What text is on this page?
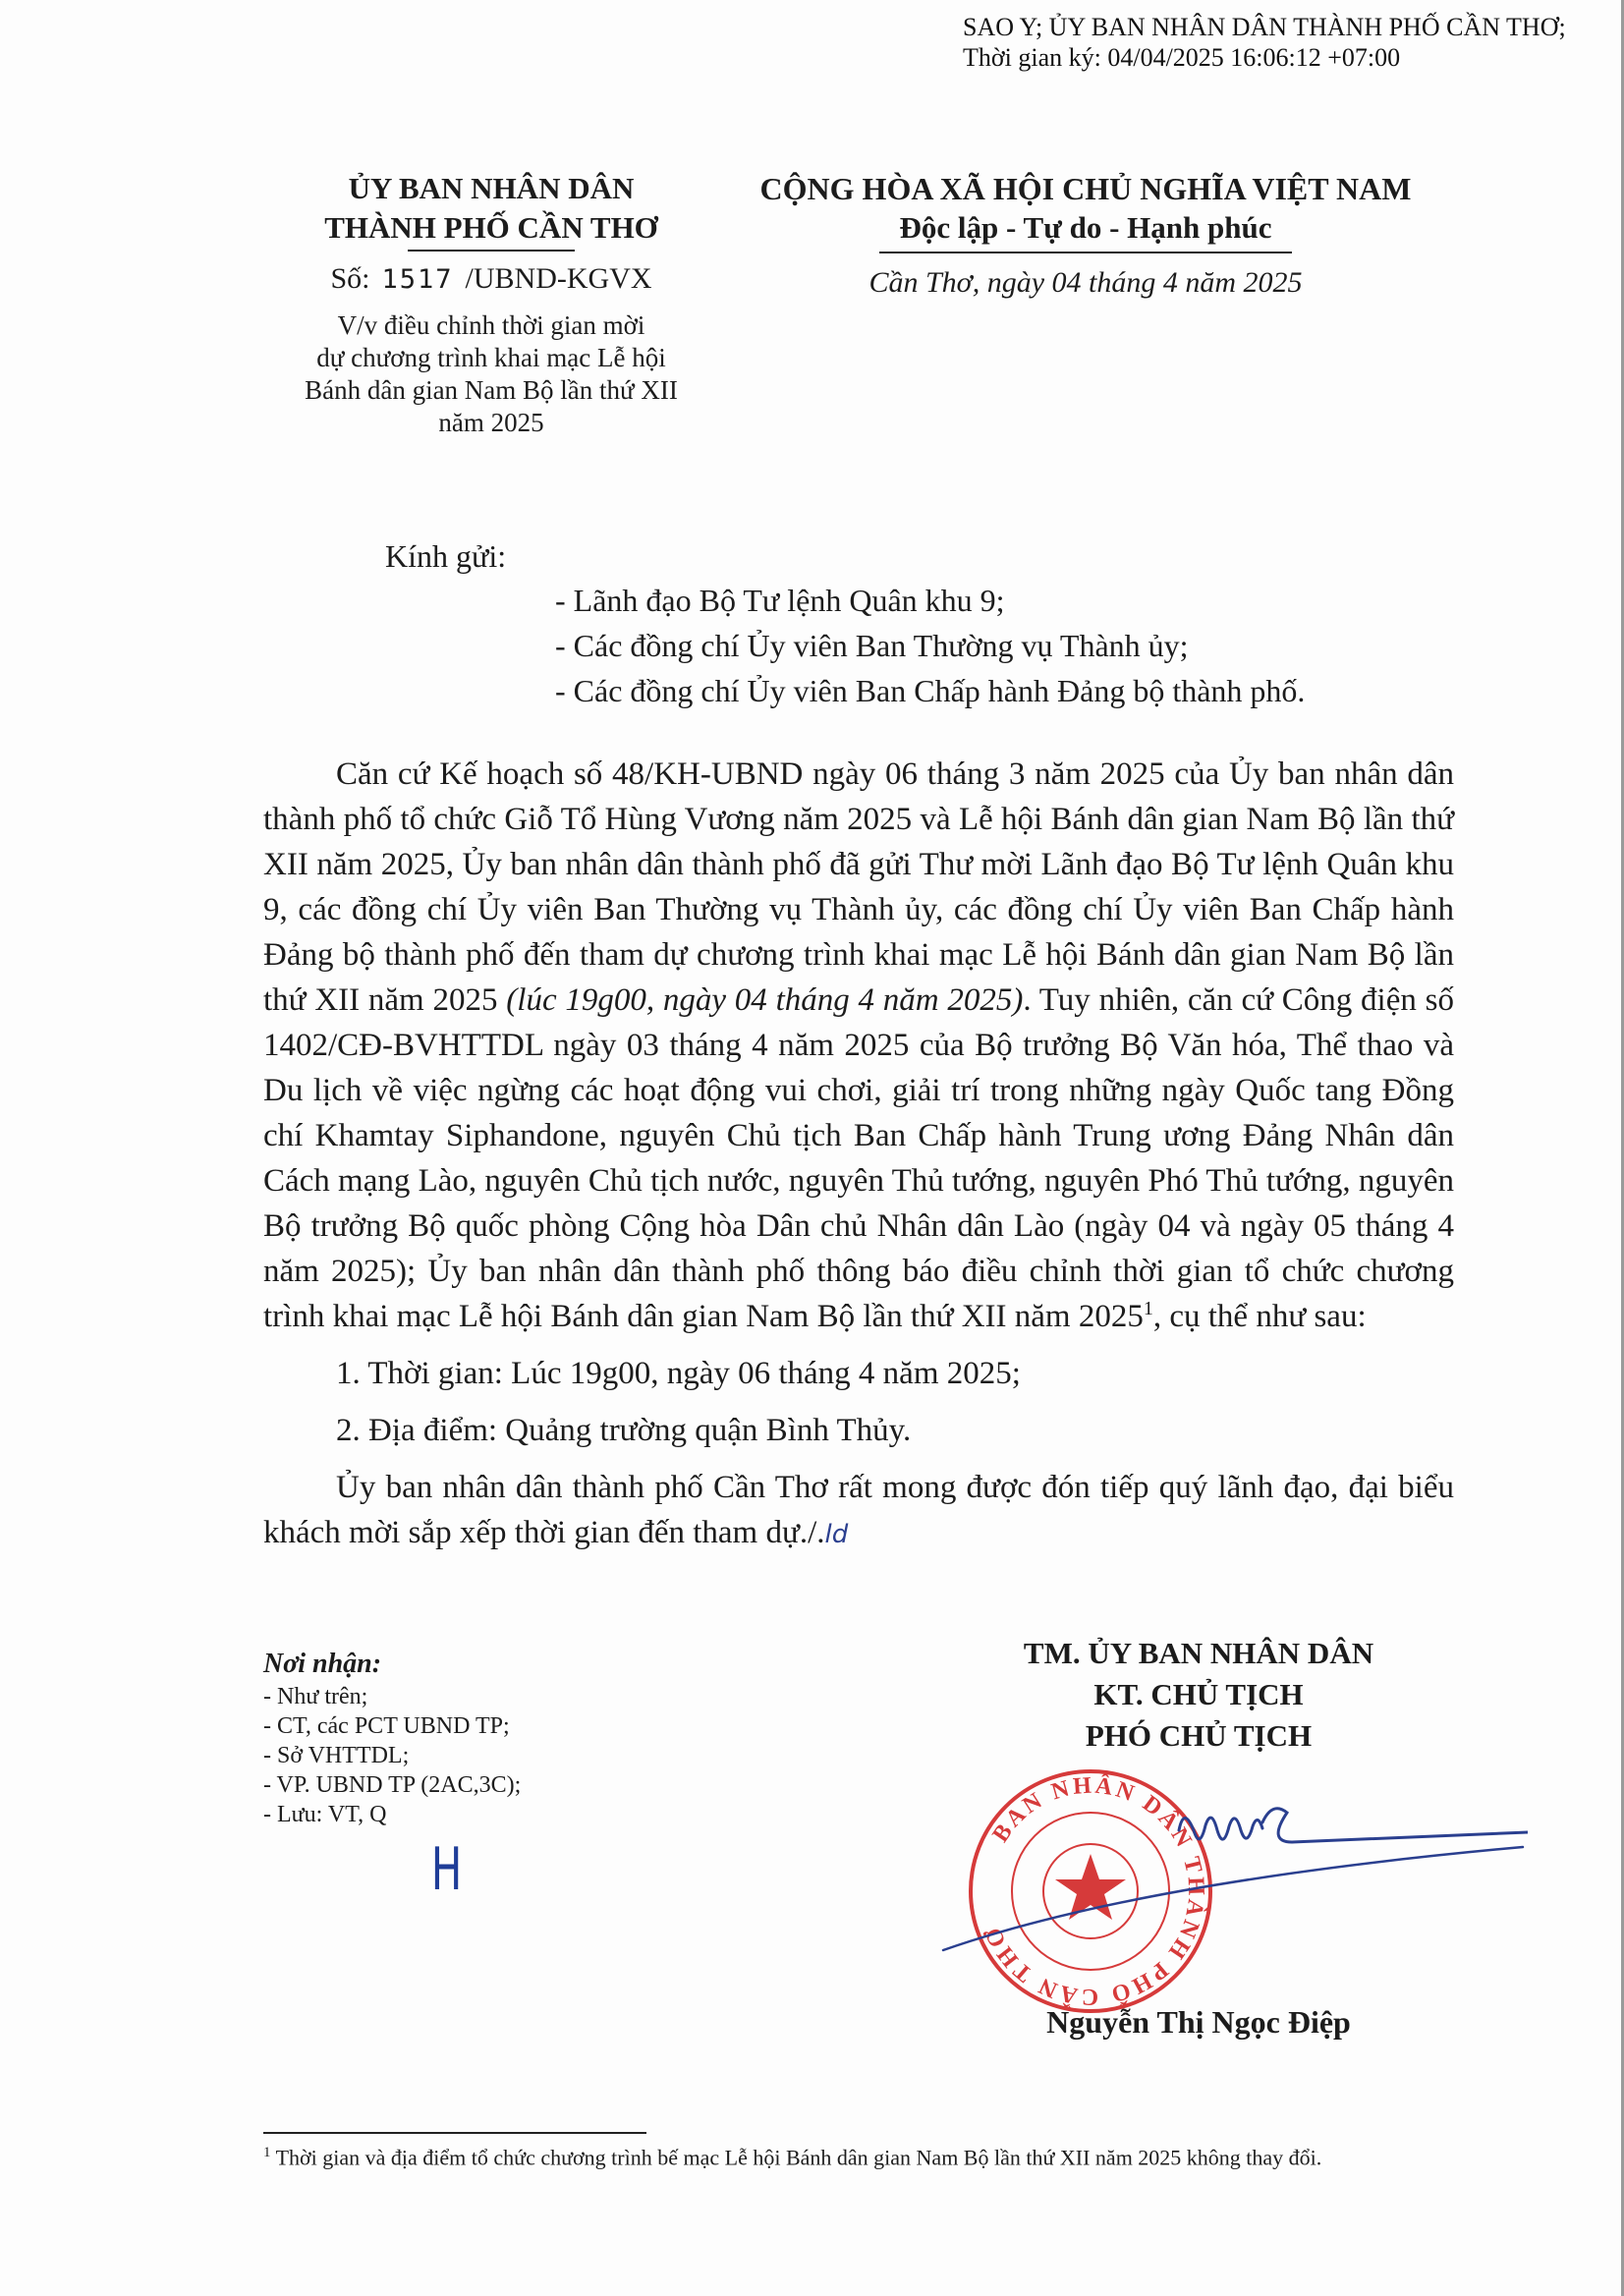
SAO Y; ỦY BAN NHÂN DÂN THÀNH PHỐ CẦN THƠ;
Thời gian ký: 04/04/2025 16:06:12 +07:00
ỦY BAN NHÂN DÂN
THÀNH PHỐ CẦN THƠ
Số: 1517 /UBND-KGVX
V/v điều chỉnh thời gian mời
dự chương trình khai mạc Lễ hội
Bánh dân gian Nam Bộ lần thứ XII
năm 2025
CỘNG HÒA XÃ HỘI CHỦ NGHĨA VIỆT NAM
Độc lập - Tự do - Hạnh phúc
Cần Thơ, ngày 04 tháng 4 năm 2025
Kính gửi:
- Lãnh đạo Bộ Tư lệnh Quân khu 9;
- Các đồng chí Ủy viên Ban Thường vụ Thành ủy;
- Các đồng chí Ủy viên Ban Chấp hành Đảng bộ thành phố.

Căn cứ Kế hoạch số 48/KH-UBND ngày 06 tháng 3 năm 2025 của Ủy ban nhân dân thành phố tổ chức Giỗ Tổ Hùng Vương năm 2025 và Lễ hội Bánh dân gian Nam Bộ lần thứ XII năm 2025, Ủy ban nhân dân thành phố đã gửi Thư mời Lãnh đạo Bộ Tư lệnh Quân khu 9, các đồng chí Ủy viên Ban Thường vụ Thành ủy, các đồng chí Ủy viên Ban Chấp hành Đảng bộ thành phố đến tham dự chương trình khai mạc Lễ hội Bánh dân gian Nam Bộ lần thứ XII năm 2025 (lúc 19g00, ngày 04 tháng 4 năm 2025). Tuy nhiên, căn cứ Công điện số 1402/CĐ-BVHTTDL ngày 03 tháng 4 năm 2025 của Bộ trưởng Bộ Văn hóa, Thể thao và Du lịch về việc ngừng các hoạt động vui chơi, giải trí trong những ngày Quốc tang Đồng chí Khamtay Siphandone, nguyên Chủ tịch Ban Chấp hành Trung ương Đảng Nhân dân Cách mạng Lào, nguyên Chủ tịch nước, nguyên Thủ tướng, nguyên Phó Thủ tướng, nguyên Bộ trưởng Bộ quốc phòng Cộng hòa Dân chủ Nhân dân Lào (ngày 04 và ngày 05 tháng 4 năm 2025); Ủy ban nhân dân thành phố thông báo điều chỉnh thời gian tổ chức chương trình khai mạc Lễ hội Bánh dân gian Nam Bộ lần thứ XII năm 2025$^1$, cụ thể như sau:

1. Thời gian: Lúc 19g00, ngày 06 tháng 4 năm 2025;

2. Địa điểm: Quảng trường quận Bình Thủy.

Ủy ban nhân dân thành phố Cần Thơ rất mong được đón tiếp quý lãnh đạo, đại biểu khách mời sắp xếp thời gian đến tham dự./.ld

Nơi nhận:
- Như trên;
- CT, các PCT UBND TP;
- Sở VHTTDL;
- VP. UBND TP (2AC,3C);
- Lưu: VT, Q
H
TM. ỦY BAN NHÂN DÂN
KT. CHỦ TỊCH
PHÓ CHỦ TỊCH
BAN NHÂN DÂN THÀNH PHỐ CẦN THƠ
Nguyễn Thị Ngọc Điệp
$^1$ Thời gian và địa điểm tổ chức chương trình bế mạc Lễ hội Bánh dân gian Nam Bộ lần thứ XII năm 2025 không thay đổi.
